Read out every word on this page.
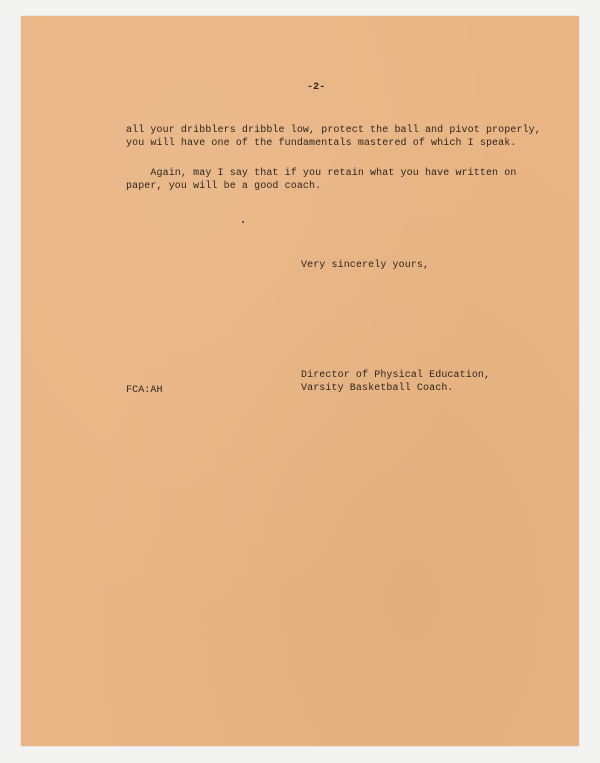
-2-

all your dribblers dribble low, protect the ball and pivot properly,
you will have one of the fundamentals mastered of which I speak.

Again, may I say that if you retain what you have written on
paper, you will be a good coach.

Very sincerely yours,

Director of Physical Education,
Varsity Basketball Coach.

FCA:AH
